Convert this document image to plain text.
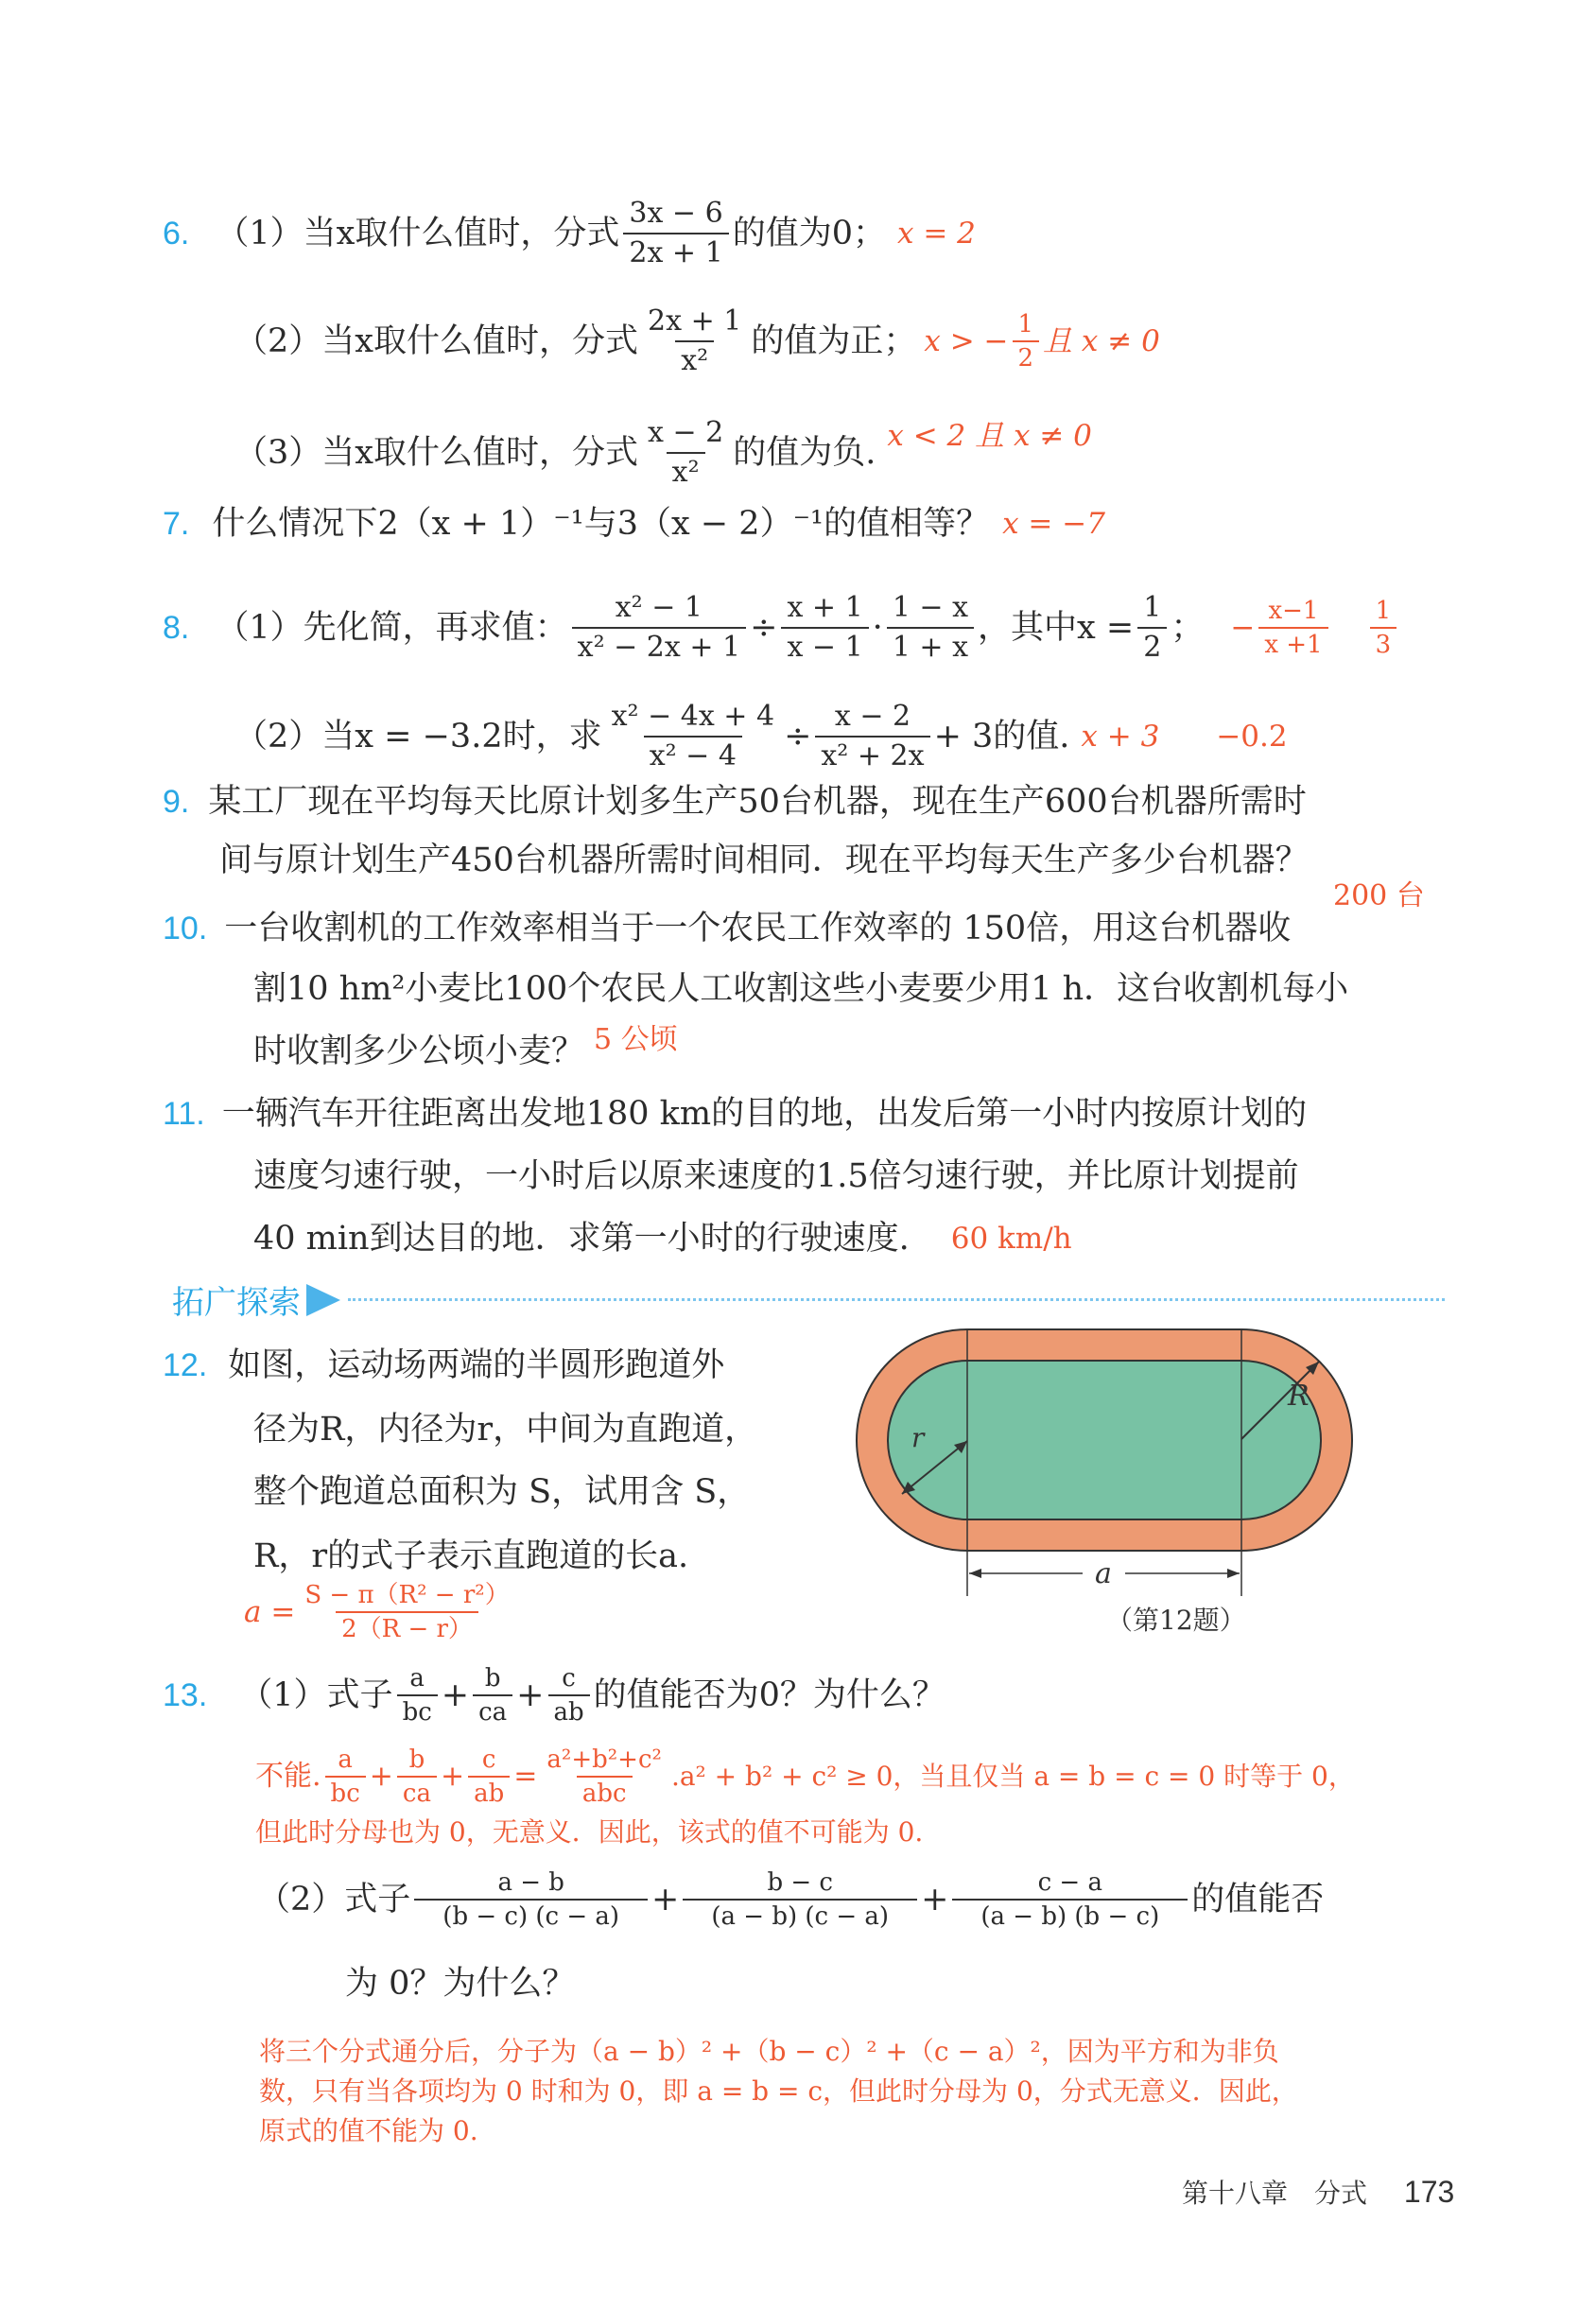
6. （1） 当x取什么值时，分式 $\frac{3x - 6}{2x + 1}$ 的值为0； x = 2
（2） 当x取什么值时，分式 $\frac{2x + 1}{\text{x²}}$ 的值为正； x > − $\frac{1}{2}$ 且 x ≠ 0
（3） 当x取什么值时，分式 $\frac{x - 2}{\text{x²}}$ 的值为负. x < 2 且 x ≠ 0
7. 什么情况下2（x + 1）⁻¹与3（x − 2）⁻¹的值相等？ x = −7
8. （1） 先化简，再求值： $\frac{\text{x² − 1}}{\text{x² − 2x + 1}} \div \frac{x + 1}{x - 1} \cdot \frac{1 - x}{1 + x}$ ，其中$x = \frac{1}{2}$ ； − $\frac{x-1}{x +1} \frac{1}{3}$
（2） 当x = −3.2时，求 $\frac{\text{x² − 4x + 4}}{\text{x² − 4}} \div \frac{x - 2}{\text{x² + 2x}} + 3$的值. x + 3 −0.2
9. 某工厂现在平均每天比原计划多生产50台机器，现在生产600台机器所需时
间与原计划生产450台机器所需时间相同．现在平均每天生产多少台机器？
200 台
10. 一台收割机的工作效率相当于一个农民工作效率的 150倍，用这台机器收
割10 hm²小麦比100个农民人工收割这些小麦要少用1 h．这台收割机每小
时收割多少公顷小麦？ 5 公顷
11. 一辆汽车开往距离出发地180 km的目的地，出发后第一小时内按原计划的
速度匀速行驶，一小时后以原来速度的1.5倍匀速行驶，并比原计划提前
40 min到达目的地．求第一小时的行驶速度. 60 km/h
拓广探索
12. 如图，运动场两端的半圆形跑道外
径为R，内径为r，中间为直跑道，
整个跑道总面积为 S，试用含 S，
R，r的式子表示直跑道的长a.
$a = \frac{\text{S − π（R² − r²）}}{2(R - r)}$
R
r
a
（第12题）
13. （1） 式子 $\frac{a}{bc} + \frac{b}{ca} + \frac{c}{ab}$ 的值能否为0？为什么？
不能. $\frac{a}{bc} + \frac{b}{ca} + \frac{c}{ab} = \frac{\text{a²+b²+c²}}{\text{abc}} .a^2 + b^2 + c^2 \ge 0$，当且仅当 a = b = c = 0 时等于 0，
但此时分母也为 0，无意义．因此，该式的值不可能为 0.
（2） 式子 $\frac{a - b}{(b - c) (c - a)} + \frac{b - c}{(a - b) (c - a)} + \frac{c - a}{(a - b) (b - c)}$ 的值能否
为 0？为什么？
将三个分式通分后，分子为（a − b）² +（b − c）² +（c − a）²，因为平方和为非负
数，只有当各项均为 0 时和为 0，即 a = b = c，但此时分母为 0，分式无意义．因此，
原式的值不能为 0.
第十八章　分式 173
